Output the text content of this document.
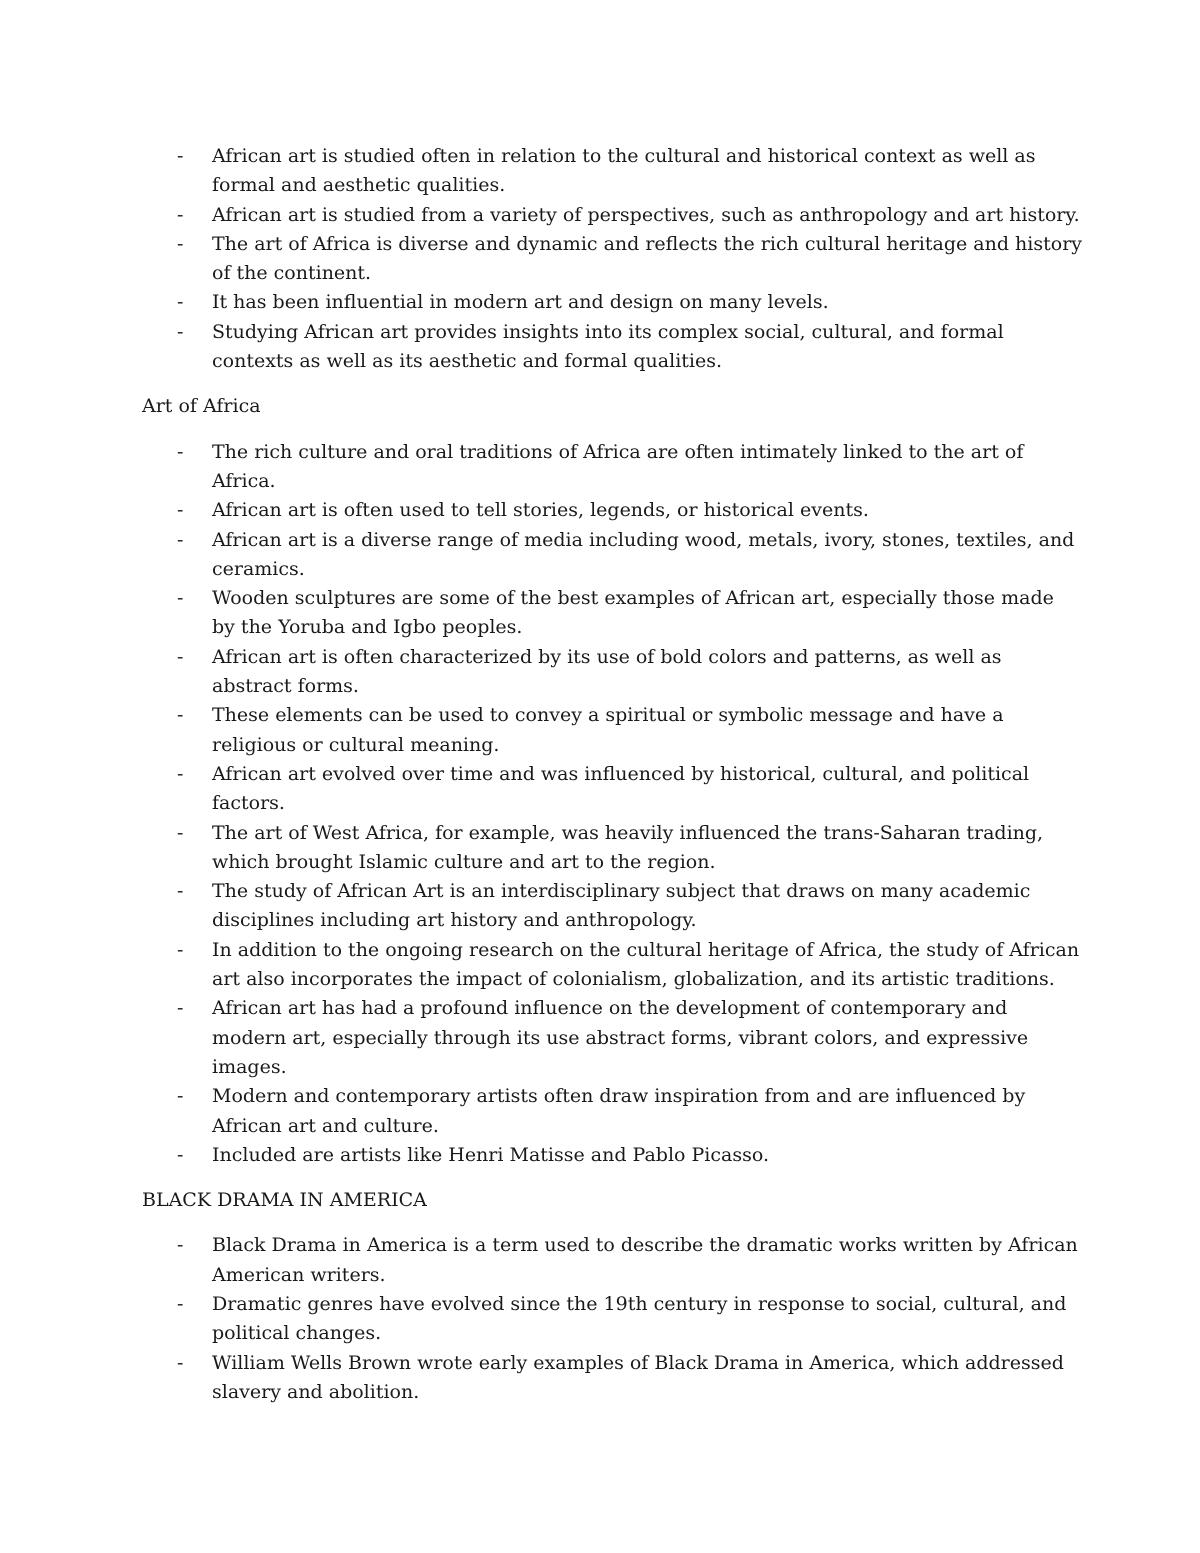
- African art is studied often in relation to the cultural and historical context as well as formal and aesthetic qualities.
- African art is studied from a variety of perspectives, such as anthropology and art history.
- The art of Africa is diverse and dynamic and reflects the rich cultural heritage and history of the continent.
- It has been influential in modern art and design on many levels.
- Studying African art provides insights into its complex social, cultural, and formal contexts as well as its aesthetic and formal qualities.
Art of Africa
- The rich culture and oral traditions of Africa are often intimately linked to the art of Africa.
- African art is often used to tell stories, legends, or historical events.
- African art is a diverse range of media including wood, metals, ivory, stones, textiles, and ceramics.
- Wooden sculptures are some of the best examples of African art, especially those made by the Yoruba and Igbo peoples.
- African art is often characterized by its use of bold colors and patterns, as well as abstract forms.
- These elements can be used to convey a spiritual or symbolic message and have a religious or cultural meaning.
- African art evolved over time and was influenced by historical, cultural, and political factors.
- The art of West Africa, for example, was heavily influenced the trans-Saharan trading, which brought Islamic culture and art to the region.
- The study of African Art is an interdisciplinary subject that draws on many academic disciplines including art history and anthropology.
- In addition to the ongoing research on the cultural heritage of Africa, the study of African art also incorporates the impact of colonialism, globalization, and its artistic traditions.
- African art has had a profound influence on the development of contemporary and modern art, especially through its use abstract forms, vibrant colors, and expressive images.
- Modern and contemporary artists often draw inspiration from and are influenced by African art and culture.
- Included are artists like Henri Matisse and Pablo Picasso.
BLACK DRAMA IN AMERICA
- Black Drama in America is a term used to describe the dramatic works written by African American writers.
- Dramatic genres have evolved since the 19th century in response to social, cultural, and political changes.
- William Wells Brown wrote early examples of Black Drama in America, which addressed slavery and abolition.
